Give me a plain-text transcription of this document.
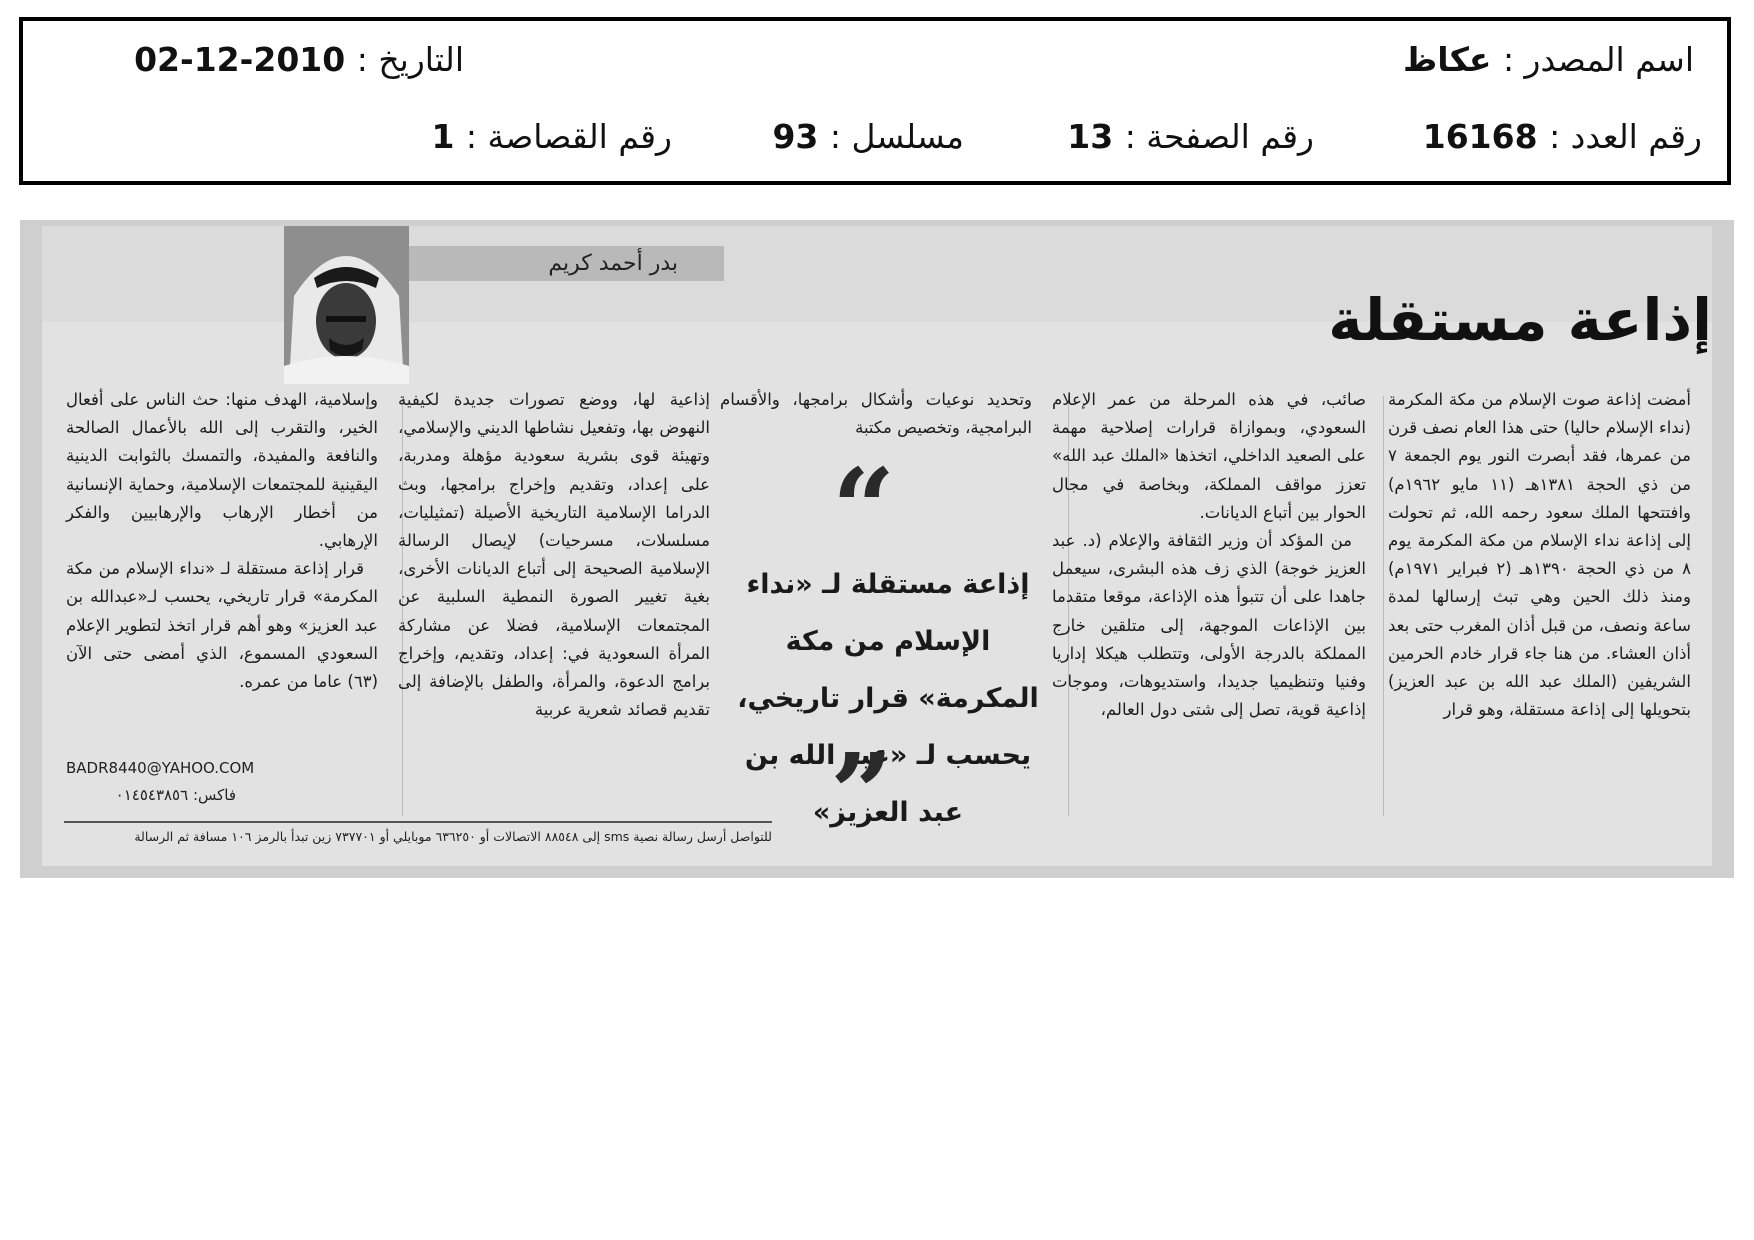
اسم المصدر : عكاظ
التاريخ : 2010-12-02
رقم العدد : 16168
رقم الصفحة : 13
مسلسل : 93
رقم القصاصة : 1
بدر أحمد كريم
إذاعة مستقلة

أمضت إذاعة صوت الإسلام من مكة المكرمة (نداء الإسلام حاليا) حتى هذا العام نصف قرن من عمرها، فقد أبصرت النور يوم الجمعة ٧ من ذي الحجة ١٣٨١هـ (١١ مايو ١٩٦٢م) وافتتحها الملك سعود رحمه الله، ثم تحولت إلى إذاعة نداء الإسلام من مكة المكرمة يوم ٨ من ذي الحجة ١٣٩٠هـ (٢ فبراير ١٩٧١م) ومنذ ذلك الحين وهي تبث إرسالها لمدة ساعة ونصف، من قبل أذان المغرب حتى بعد أذان العشاء. من هنا جاء قرار خادم الحرمين الشريفين (الملك عبد الله بن عبد العزيز) بتحويلها إلى إذاعة مستقلة، وهو قرار

صائب، في هذه المرحلة من عمر الإعلام السعودي، وبموازاة قرارات إصلاحية مهمة على الصعيد الداخلي، اتخذها «الملك عبد الله» تعزز مواقف المملكة، وبخاصة في مجال الحوار بين أتباع الديانات.

من المؤكد أن وزير الثقافة والإعلام (د. عبد العزيز خوجة) الذي زف هذه البشرى، سيعمل جاهدا على أن تتبوأ هذه الإذاعة، موقعا متقدما بين الإذاعات الموجهة، إلى متلقين خارج المملكة بالدرجة الأولى، وتتطلب هيكلا إداريا وفنيا وتنظيميا جديدا، واستديوهات، وموجات إذاعية قوية، تصل إلى شتى دول العالم،

وتحديد نوعيات وأشكال برامجها، والأقسام البرامجية، وتخصيص مكتبة

“
إذاعة مستقلة لـ «نداء الإسلام من مكة المكرمة» قرار تاريخي، يحسب لـ «عبد الله بن عبد العزيز»
„

إذاعية لها، ووضع تصورات جديدة لكيفية النهوض بها، وتفعيل نشاطها الديني والإسلامي، وتهيئة قوى بشرية سعودية مؤهلة ومدربة، على إعداد، وتقديم وإخراج برامجها، وبث الدراما الإسلامية التاريخية الأصيلة (تمثيليات، مسلسلات، مسرحيات) لإيصال الرسالة الإسلامية الصحيحة إلى أتباع الديانات الأخرى، بغية تغيير الصورة النمطية السلبية عن المجتمعات الإسلامية، فضلا عن مشاركة المرأة السعودية في: إعداد، وتقديم، وإخراج برامج الدعوة، والمرأة، والطفل بالإضافة إلى تقديم قصائد شعرية عربية

وإسلامية، الهدف منها: حث الناس على أفعال الخير، والتقرب إلى الله بالأعمال الصالحة والنافعة والمفيدة، والتمسك بالثوابت الدينية اليقينية للمجتمعات الإسلامية، وحماية الإنسانية من أخطار الإرهاب والإرهابيين والفكر الإرهابي.

قرار إذاعة مستقلة لـ «نداء الإسلام من مكة المكرمة» قرار تاريخي، يحسب لـ«عبدالله بن عبد العزيز» وهو أهم قرار اتخذ لتطوير الإعلام السعودي المسموع، الذي أمضى حتى الآن (٦٣) عاما من عمره.

BADR8440@YAHOO.COM
فاكس: ٠١٤٥٤٣٨٥٦
للتواصل أرسل رسالة نصية sms إلى ٨٨٥٤٨ الاتصالات أو ٦٣٦٢٥٠ موبايلي أو ٧٣٧٧٠١ زين تبدأ بالرمز ١٠٦ مسافة ثم الرسالة
